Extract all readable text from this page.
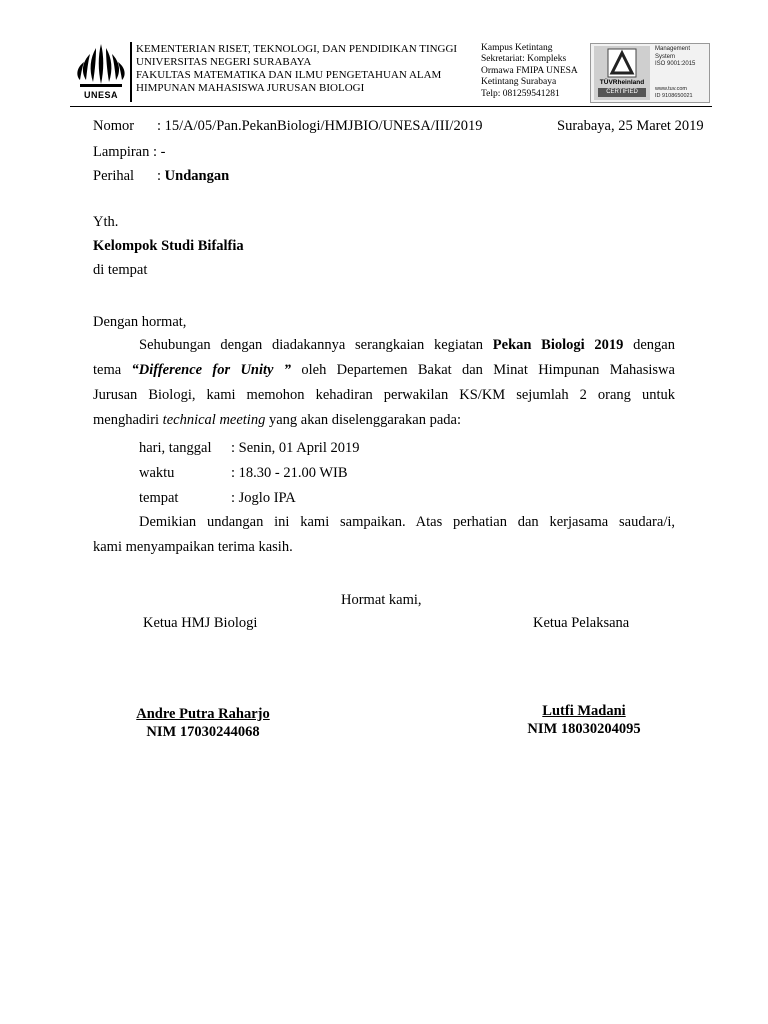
UNESA
KEMENTERIAN RISET, TEKNOLOGI, DAN PENDIDIKAN TINGGI
UNIVERSITAS NEGERI SURABAYA
FAKULTAS MATEMATIKA DAN ILMU PENGETAHUAN ALAM
HIMPUNAN MAHASISWA JURUSAN BIOLOGI
Kampus Ketintang
Sekretariat: Kompleks
Ormawa FMIPA UNESA
Ketintang Surabaya
Telp: 081259541281
TÜVRheinland
CERTIFIED
Management
System
ISO 9001:2015
www.tuv.com
ID 9108650021
Nomor : 15/A/05/Pan.PekanBiologi/HMJBIO/UNESA/III/2019	Surabaya, 25 Maret 2019
Lampiran : -
Perihal : Undangan
Yth.
Kelompok Studi Bifalfia
di tempat
Dengan hormat,
Sehubungan dengan diadakannya serangkaian kegiatan Pekan Biologi 2019 dengan
tema “Difference for Unity ” oleh Departemen Bakat dan Minat Himpunan Mahasiswa
Jurusan Biologi, kami memohon kehadiran perwakilan KS/KM sejumlah 2 orang untuk
menghadiri technical meeting yang akan diselenggarakan pada:
hari, tanggal : Senin, 01 April 2019
waktu	: 18.30 - 21.00 WIB
tempat	: Joglo IPA
Demikian undangan ini kami sampaikan. Atas perhatian dan kerjasama saudara/i,
kami menyampaikan terima kasih.
Hormat kami,
Ketua HMJ Biologi	Ketua Pelaksana
Andre Putra Raharjo
NIM 17030244068
Lutfi Madani
NIM 18030204095
